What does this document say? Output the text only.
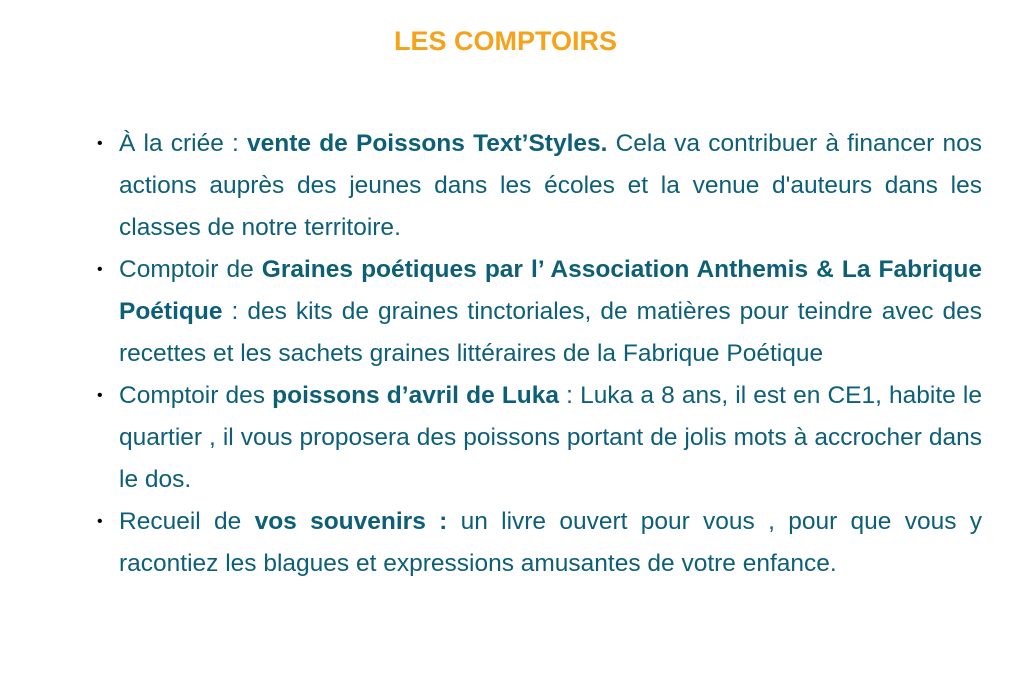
LES COMPTOIRS
• À la criée : vente de Poissons Text’Styles. Cela va contribuer à financer nos actions auprès des jeunes dans les écoles et la venue d'auteurs dans les classes de notre territoire.
• Comptoir de Graines poétiques par l’ Association Anthemis & La Fabrique Poétique : des kits de graines tinctoriales, de matières pour teindre avec des recettes et les sachets graines littéraires de la Fabrique Poétique
• Comptoir des poissons d’avril de Luka : Luka a 8 ans, il est en CE1, habite le quartier , il vous proposera des poissons portant de jolis mots à accrocher dans le dos.
• Recueil de vos souvenirs : un livre ouvert pour vous , pour que vous y racontiez les blagues et expressions amusantes de votre enfance.
